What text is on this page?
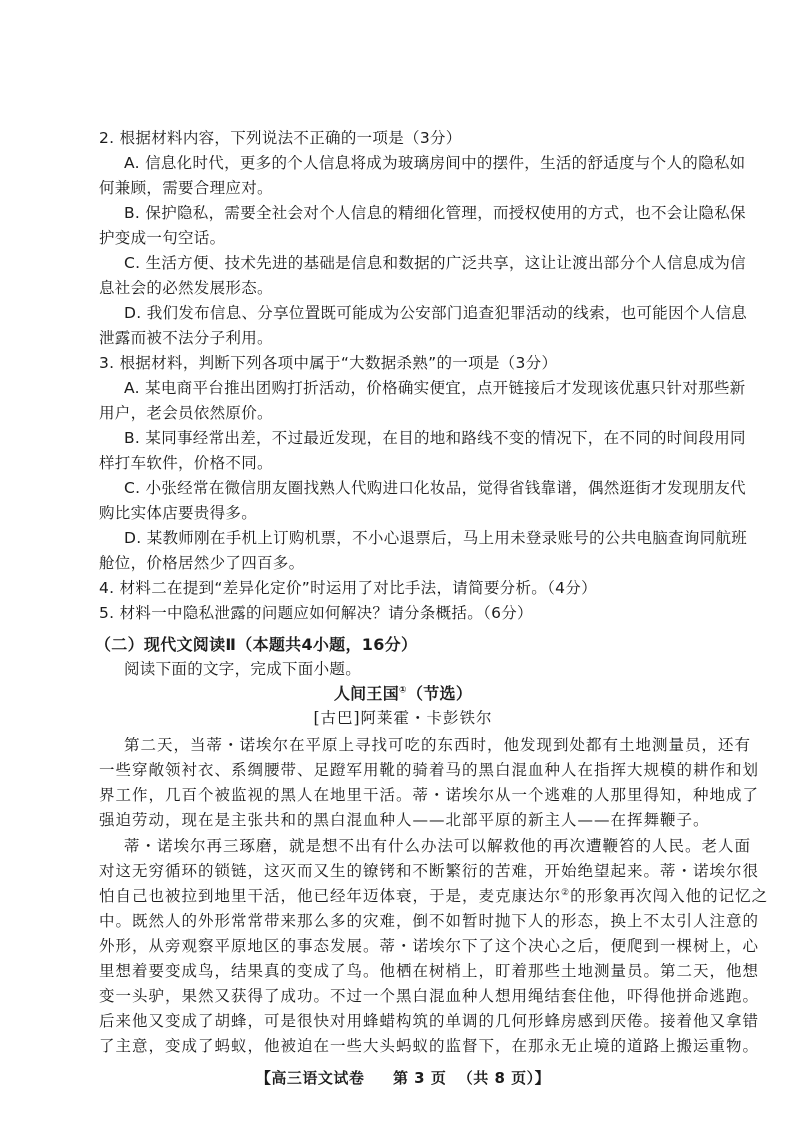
2. 根据材料内容，下列说法不正确的一项是（3分）
A. 信息化时代，更多的个人信息将成为玻璃房间中的摆件，生活的舒适度与个人的隐私如
何兼顾，需要合理应对。
B. 保护隐私，需要全社会对个人信息的精细化管理，而授权使用的方式，也不会让隐私保
护变成一句空话。
C. 生活方便、技术先进的基础是信息和数据的广泛共享，这让让渡出部分个人信息成为信
息社会的必然发展形态。
D. 我们发布信息、分享位置既可能成为公安部门追查犯罪活动的线索，也可能因个人信息
泄露而被不法分子利用。
3. 根据材料，判断下列各项中属于“大数据杀熟”的一项是（3分）
A. 某电商平台推出团购打折活动，价格确实便宜，点开链接后才发现该优惠只针对那些新
用户，老会员依然原价。
B. 某同事经常出差，不过最近发现，在目的地和路线不变的情况下，在不同的时间段用同
样打车软件，价格不同。
C. 小张经常在微信朋友圈找熟人代购进口化妆品，觉得省钱靠谱，偶然逛街才发现朋友代
购比实体店要贵得多。
D. 某教师刚在手机上订购机票，不小心退票后，马上用未登录账号的公共电脑查询同航班
舱位，价格居然少了四百多。
4. 材料二在提到“差异化定价”时运用了对比手法，请简要分析。（4分）
5. 材料一中隐私泄露的问题应如何解决？请分条概括。（6分）
（二）现代文阅读Ⅱ（本题共4小题，16分）
阅读下面的文字，完成下面小题。
人间王国①（节选）
[古巴]阿莱霍・卡彭铁尔
第二天，当蒂・诺埃尔在平原上寻找可吃的东西时，他发现到处都有土地测量员，还有
一些穿敞领衬衣、系绸腰带、足蹬军用靴的骑着马的黑白混血种人在指挥大规模的耕作和划
界工作，几百个被监视的黑人在地里干活。蒂・诺埃尔从一个逃难的人那里得知，种地成了
强迫劳动，现在是主张共和的黑白混血种人——北部平原的新主人——在挥舞鞭子。
蒂・诺埃尔再三琢磨，就是想不出有什么办法可以解救他的再次遭鞭笞的人民。老人面
对这无穷循环的锁链，这灭而又生的镣铐和不断繁衍的苦难，开始绝望起来。蒂・诺埃尔很
怕自己也被拉到地里干活，他已经年迈体衰，于是，麦克康达尔②的形象再次闯入他的记忆之
中。既然人的外形常常带来那么多的灾难，倒不如暂时抛下人的形态，换上不太引人注意的
外形，从旁观察平原地区的事态发展。蒂・诺埃尔下了这个决心之后，便爬到一棵树上，心
里想着要变成鸟，结果真的变成了鸟。他栖在树梢上，盯着那些土地测量员。第二天，他想
变一头驴，果然又获得了成功。不过一个黑白混血种人想用绳结套住他，吓得他拼命逃跑。
后来他又变成了胡蜂，可是很快对用蜂蜡构筑的单调的几何形蜂房感到厌倦。接着他又拿错
了主意，变成了蚂蚁，他被迫在一些大头蚂蚁的监督下，在那永无止境的道路上搬运重物。
【高三语文试卷 第 3 页 （共 8 页）】
